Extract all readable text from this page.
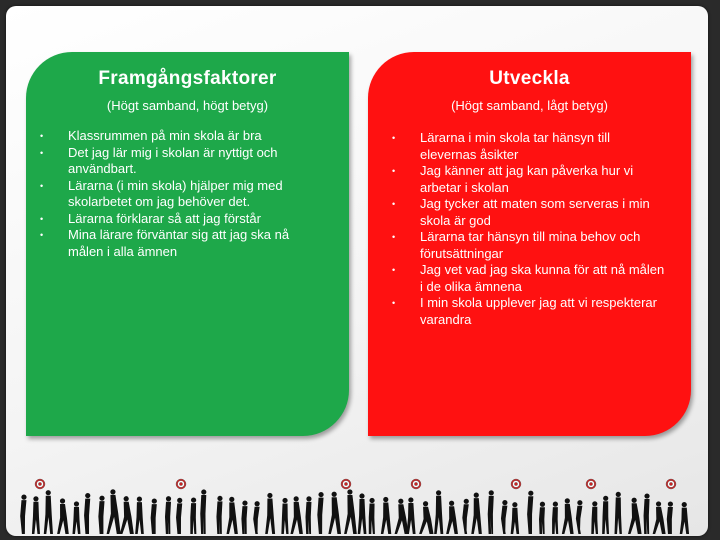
Framgångsfaktorer
(Högt samband, högt betyg)
• Klassrummen på min skola är bra
• Det jag lär mig i skolan är nyttigt och användbart.
• Lärarna (i min skola) hjälper mig med skolarbetet om jag behöver det.
• Lärarna förklarar så att jag förstår
• Mina lärare förväntar sig att jag ska nå målen i alla ämnen
Utveckla
(Högt samband, lågt betyg)
• Lärarna i min skola tar hänsyn till elevernas åsikter
• Jag känner att jag kan påverka hur vi arbetar i skolan
• Jag tycker att maten som serveras i min skola är god
• Lärarna tar hänsyn till mina behov och förutsättningar
• Jag vet vad jag ska kunna för att nå målen i de olika ämnena
• I min skola upplever jag att vi respekterar varandra
